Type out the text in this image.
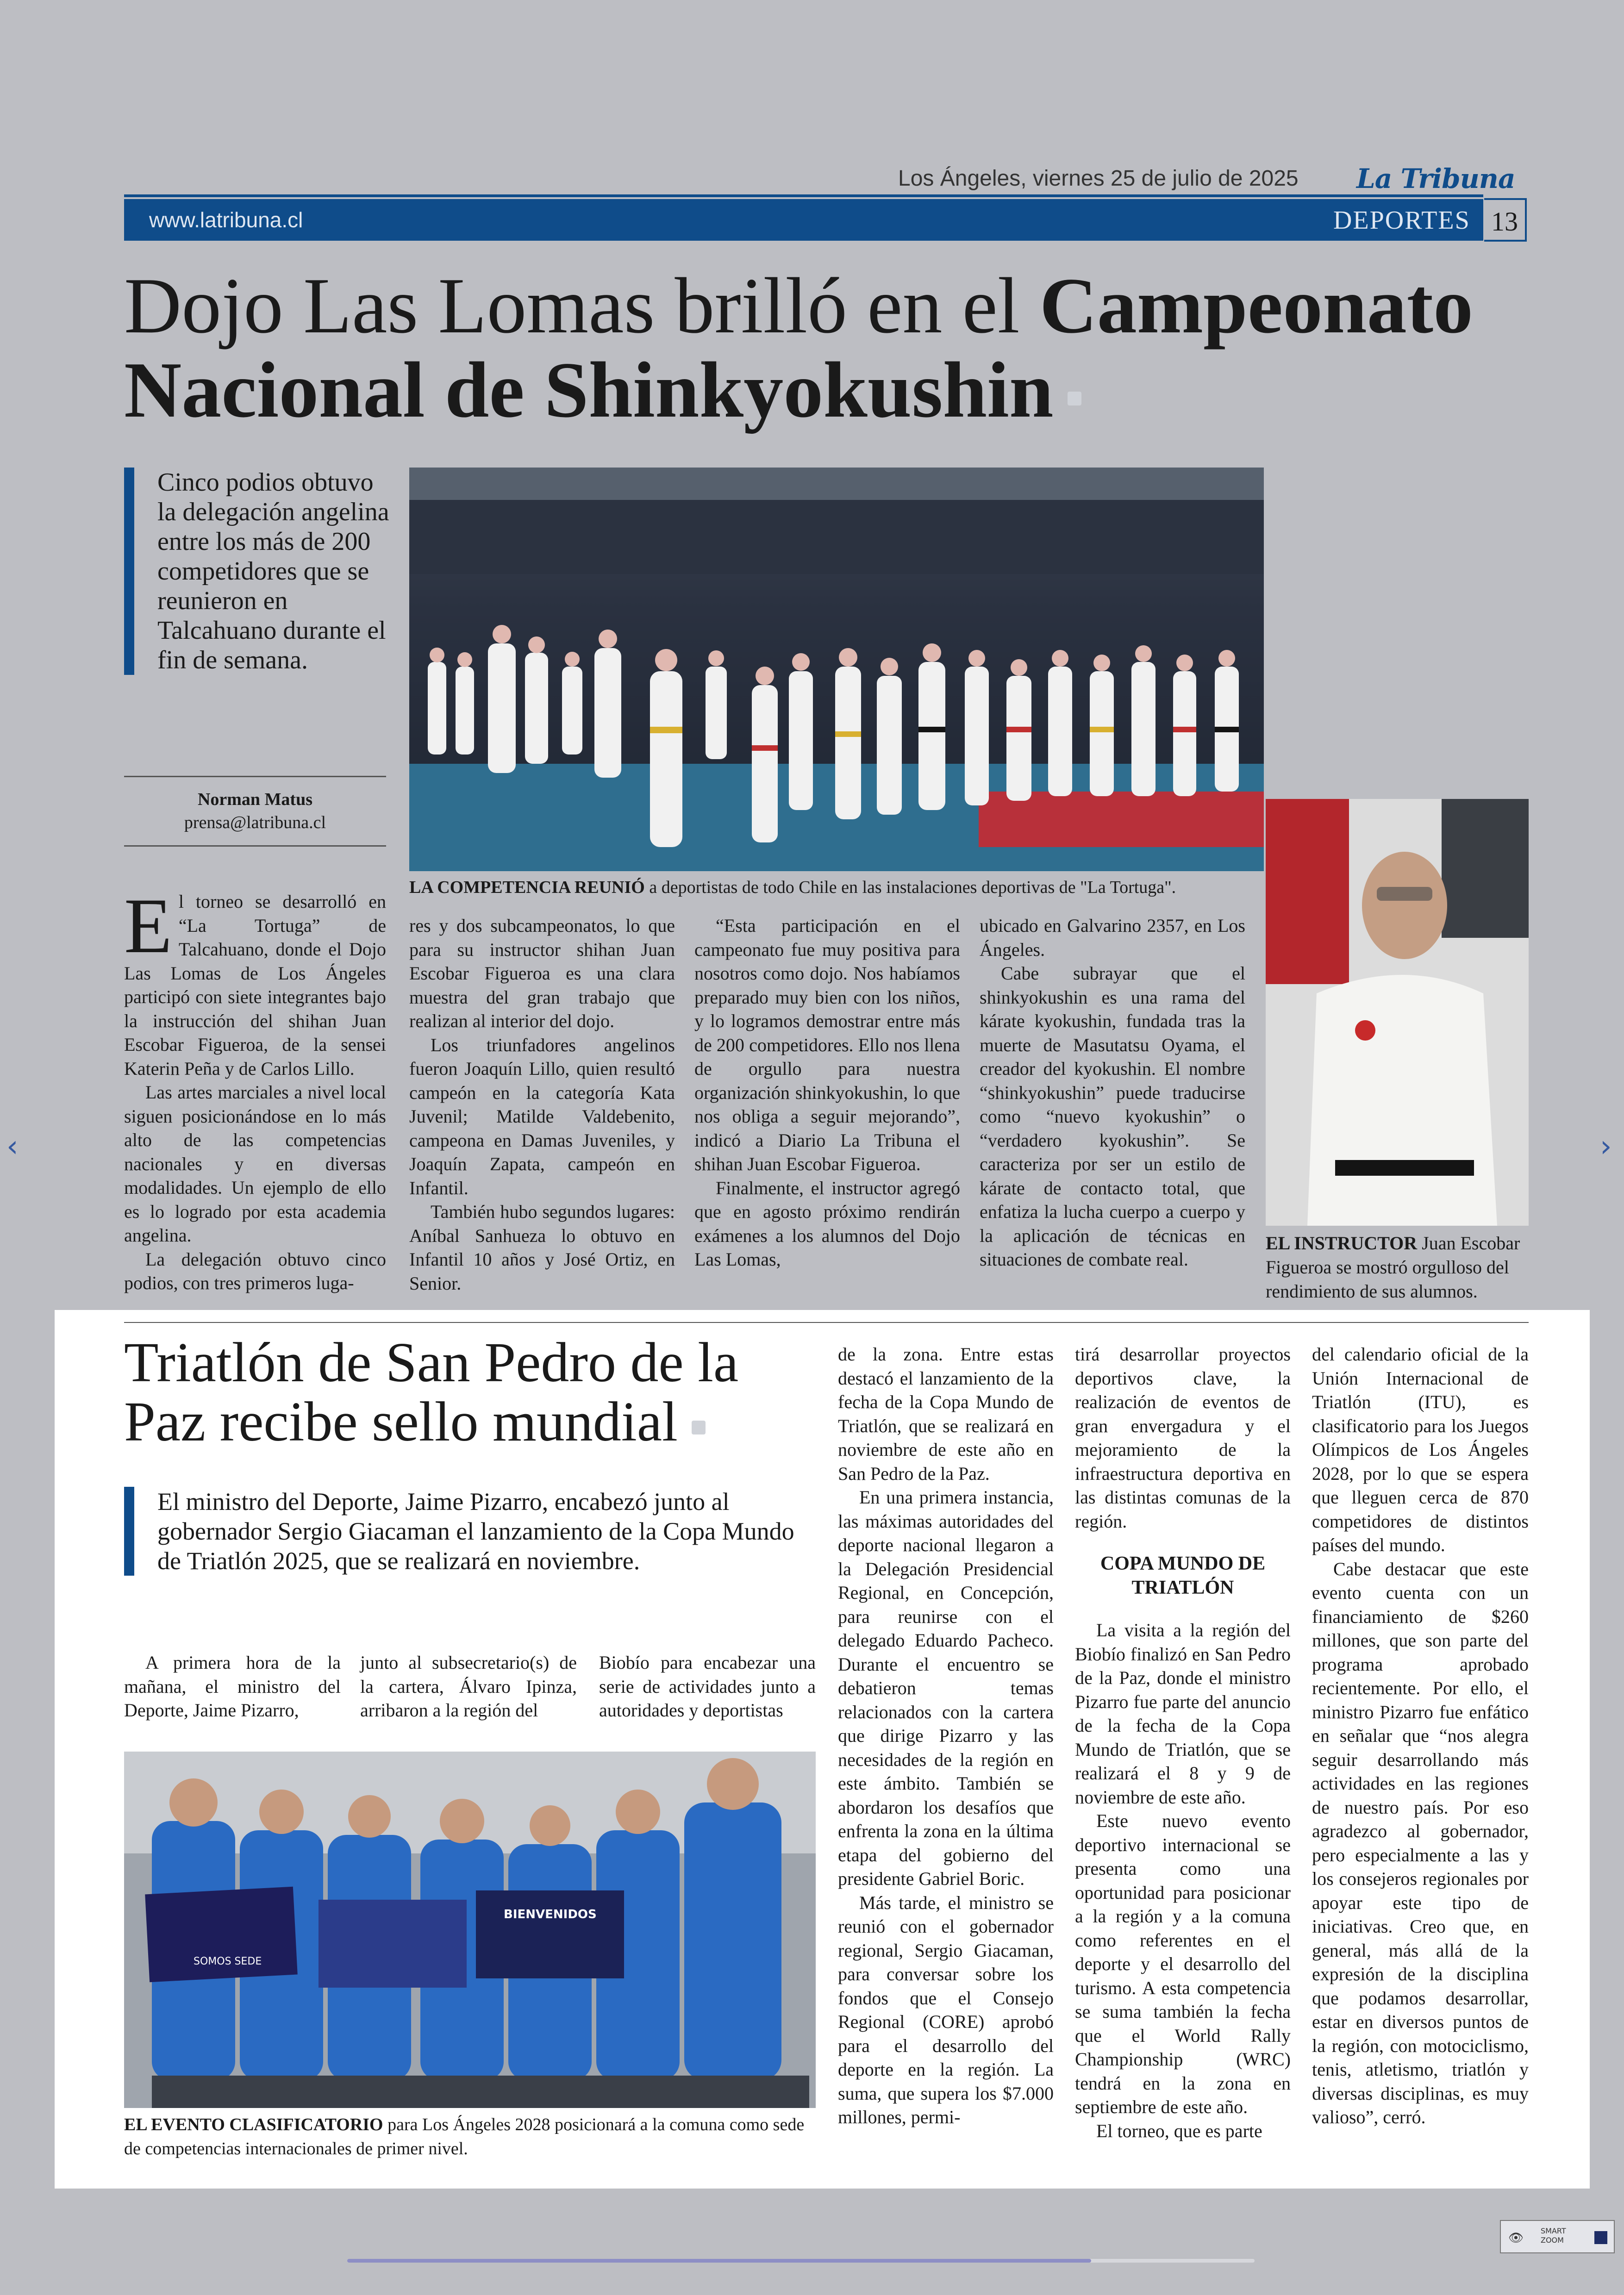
Los Ángeles, viernes 25 de julio de 2025 La Tribuna
www.latribuna.cl	DEPORTES 13
Dojo Las Lomas brilló en el Campeonato
Nacional de Shinkyokushin
Cinco podios obtuvo la delegación angelina entre los más de 200 competidores que se reunieron en Talcahuano durante el fin de semana.
Norman Matus
prensa@latribuna.cl
LA COMPETENCIA REUNIÓ a deportistas de todo Chile en las instalaciones deportivas de "La Tortuga".

El torneo se desarrolló en “La Tortuga” de Talcahuano, donde el Dojo Las Lomas de Los Ángeles participó con siete integrantes bajo la instrucción del shihan Juan Escobar Figueroa, de la sensei Katerin Peña y de Carlos Lillo.

Las artes marciales a nivel local siguen posicionándose en lo más alto de las competencias nacionales y en diversas modalidades. Un ejemplo de ello es lo logrado por esta academia angelina.

La delegación obtuvo cinco podios, con tres primeros luga-

res y dos subcampeonatos, lo que para su instructor shihan Juan Escobar Figueroa es una clara muestra del gran trabajo que realizan al interior del dojo.

Los triunfadores angelinos fueron Joaquín Lillo, quien resultó campeón en la categoría Kata Juvenil; Matilde Valdebenito, campeona en Damas Juveniles, y Joaquín Zapata, campeón en Infantil.

También hubo segundos lugares: Aníbal Sanhueza lo obtuvo en Infantil 10 años y José Ortiz, en Senior.

“Esta participación en el campeonato fue muy positiva para nosotros como dojo. Nos habíamos preparado muy bien con los niños, y lo logramos demostrar entre más de 200 competidores. Ello nos llena de orgullo para nuestra organización shinkyokushin, lo que nos obliga a seguir mejorando”, indicó a Diario La Tribuna el shihan Juan Escobar Figueroa.

Finalmente, el instructor agregó que en agosto próximo rendirán exámenes a los alumnos del Dojo Las Lomas,

ubicado en Galvarino 2357, en Los Ángeles.

Cabe subrayar que el shinkyokushin es una rama del kárate kyokushin, fundada tras la muerte de Masutatsu Oyama, el creador del kyokushin. El nombre “shinkyokushin” puede traducirse como “nuevo kyokushin” o “verdadero kyokushin”. Se caracteriza por ser un estilo de kárate de contacto total, que enfatiza la lucha cuerpo a cuerpo y la aplicación de técnicas en situaciones de combate real.

EL INSTRUCTOR Juan Escobar Figueroa se mostró orgulloso del rendimiento de sus alumnos.
Triatlón de San Pedro de la Paz recibe sello mundial
El ministro del Deporte, Jaime Pizarro, encabezó junto al gobernador Sergio Giacaman el lanzamiento de la Copa Mundo de Triatlón 2025, que se realizará en noviembre.

A primera hora de la mañana, el ministro del Deporte, Jaime Pizarro,

junto al subsecretario(s) de la cartera, Álvaro Ipinza, arribaron a la región del

Biobío para encabezar una serie de actividades junto a autoridades y deportistas

SOMOS SEDE
BIENVENIDOS
EL EVENTO CLASIFICATORIO para Los Ángeles 2028 posicionará a la comuna como sede de competencias internacionales de primer nivel.

de la zona. Entre estas destacó el lanzamiento de la fecha de la Copa Mundo de Triatlón, que se realizará en noviembre de este año en San Pedro de la Paz.

En una primera instancia, las máximas autoridades del deporte nacional llegaron a la Delegación Presidencial Regional, en Concepción, para reunirse con el delegado Eduardo Pacheco. Durante el encuentro se debatieron temas relacionados con la cartera que dirige Pizarro y las necesidades de la región en este ámbito. También se abordaron los desafíos que enfrenta la zona en la última etapa del gobierno del presidente Gabriel Boric.

Más tarde, el ministro se reunió con el gobernador regional, Sergio Giacaman, para conversar sobre los fondos que el Consejo Regional (CORE) aprobó para el desarrollo del deporte en la región. La suma, que supera los $7.000 millones, permi-

tirá desarrollar proyectos deportivos clave, la realización de eventos de gran envergadura y el mejoramiento de la infraestructura deportiva en las distintas comunas de la región.

COPA MUNDO DE TRIATLÓN

La visita a la región del Biobío finalizó en San Pedro de la Paz, donde el ministro Pizarro fue parte del anuncio de la fecha de la Copa Mundo de Triatlón, que se realizará el 8 y 9 de noviembre de este año.

Este nuevo evento deportivo internacional se presenta como una oportunidad para posicionar a la región y a la comuna como referentes en el deporte y el desarrollo del turismo. A esta competencia se suma también la fecha que el World Rally Championship (WRC) tendrá en la zona en septiembre de este año.

El torneo, que es parte

del calendario oficial de la Unión Internacional de Triatlón (ITU), es clasificatorio para los Juegos Olímpicos de Los Ángeles 2028, por lo que se espera que lleguen cerca de 870 competidores de distintos países del mundo.

Cabe destacar que este evento cuenta con un financiamiento de $260 millones, que son parte del programa aprobado recientemente. Por ello, el ministro Pizarro fue enfático en señalar que “nos alegra seguir desarrollando más actividades en las regiones de nuestro país. Por eso agradezco al gobernador, pero especialmente a las y los consejeros regionales por apoyar este tipo de iniciativas. Creo que, en general, más allá de la expresión de la disciplina que podamos desarrollar, estar en diversos puntos de la región, con motociclismo, tenis, atletismo, triatlón y diversas disciplinas, es muy valioso”, cerró.

‹	›
👁
SMART
ZOOM
